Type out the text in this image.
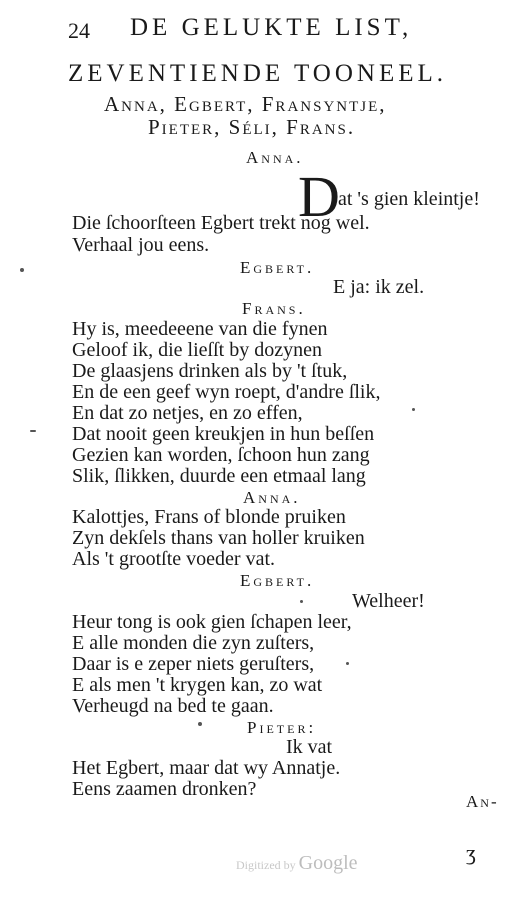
24 DE GELUKTE LIST,
ZEVENTIENDE TOONEEL.
Anna, Egbert, Fransyntje,
Pieter, Séli, Frans.
Anna.
D
at 's gien kleintje!
Die ſchoorſteen Egbert trekt nog wel.
Verhaal jou eens.
Egbert.
E ja: ik zel.
Frans.
Hy is, meedeeene van die fynen
Geloof ik, die lieſſt by dozynen
De glaasjens drinken als by 't ſtuk,
En de een geef wyn roept, d'andre ſlik,
En dat zo netjes, en zo effen,
Dat nooit geen kreukjen in hun beſſen
Gezien kan worden, ſchoon hun zang
Slik, ſlikken, duurde een etmaal lang
Anna.
Kalottjes, Frans of blonde pruiken
Zyn dekſels thans van holler kruiken
Als 't grootſte voeder vat.
Egbert.
Welheer!
Heur tong is ook gien ſchapen leer,
E alle monden die zyn zuſters,
Daar is e zeper niets geruſters,
E als men 't krygen kan, zo wat
Verheugd na bed te gaan.
Pieter:
Ik vat
Het Egbert, maar dat wy Annatje.
Eens zaamen dronken?
An-
ʒ
Digitized by Google
